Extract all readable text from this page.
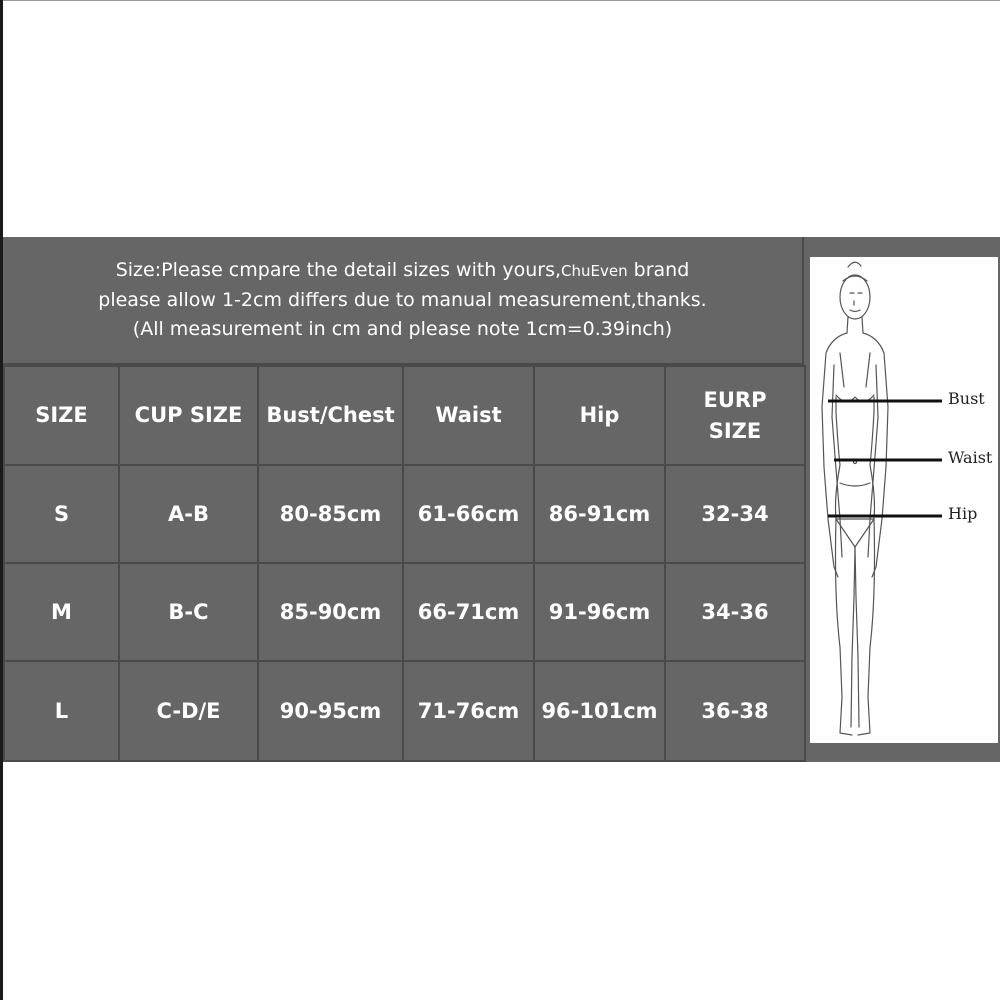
Size:Please cmpare the detail sizes with yours,ChuEven brand
please allow 1-2cm differs due to manual measurement,thanks.
(All measurement in cm and please note 1cm=0.39inch)
SIZE	CUP SIZE	Bust/Chest	Waist	Hip	EURP SIZE

S	A-B	80-85cm	61-66cm	86-91cm	32-34
M	B-C	85-90cm	66-71cm	91-96cm	34-36
L	C-D/E	90-95cm	71-76cm	96-101cm	36-38
Bust
Waist
Hip
